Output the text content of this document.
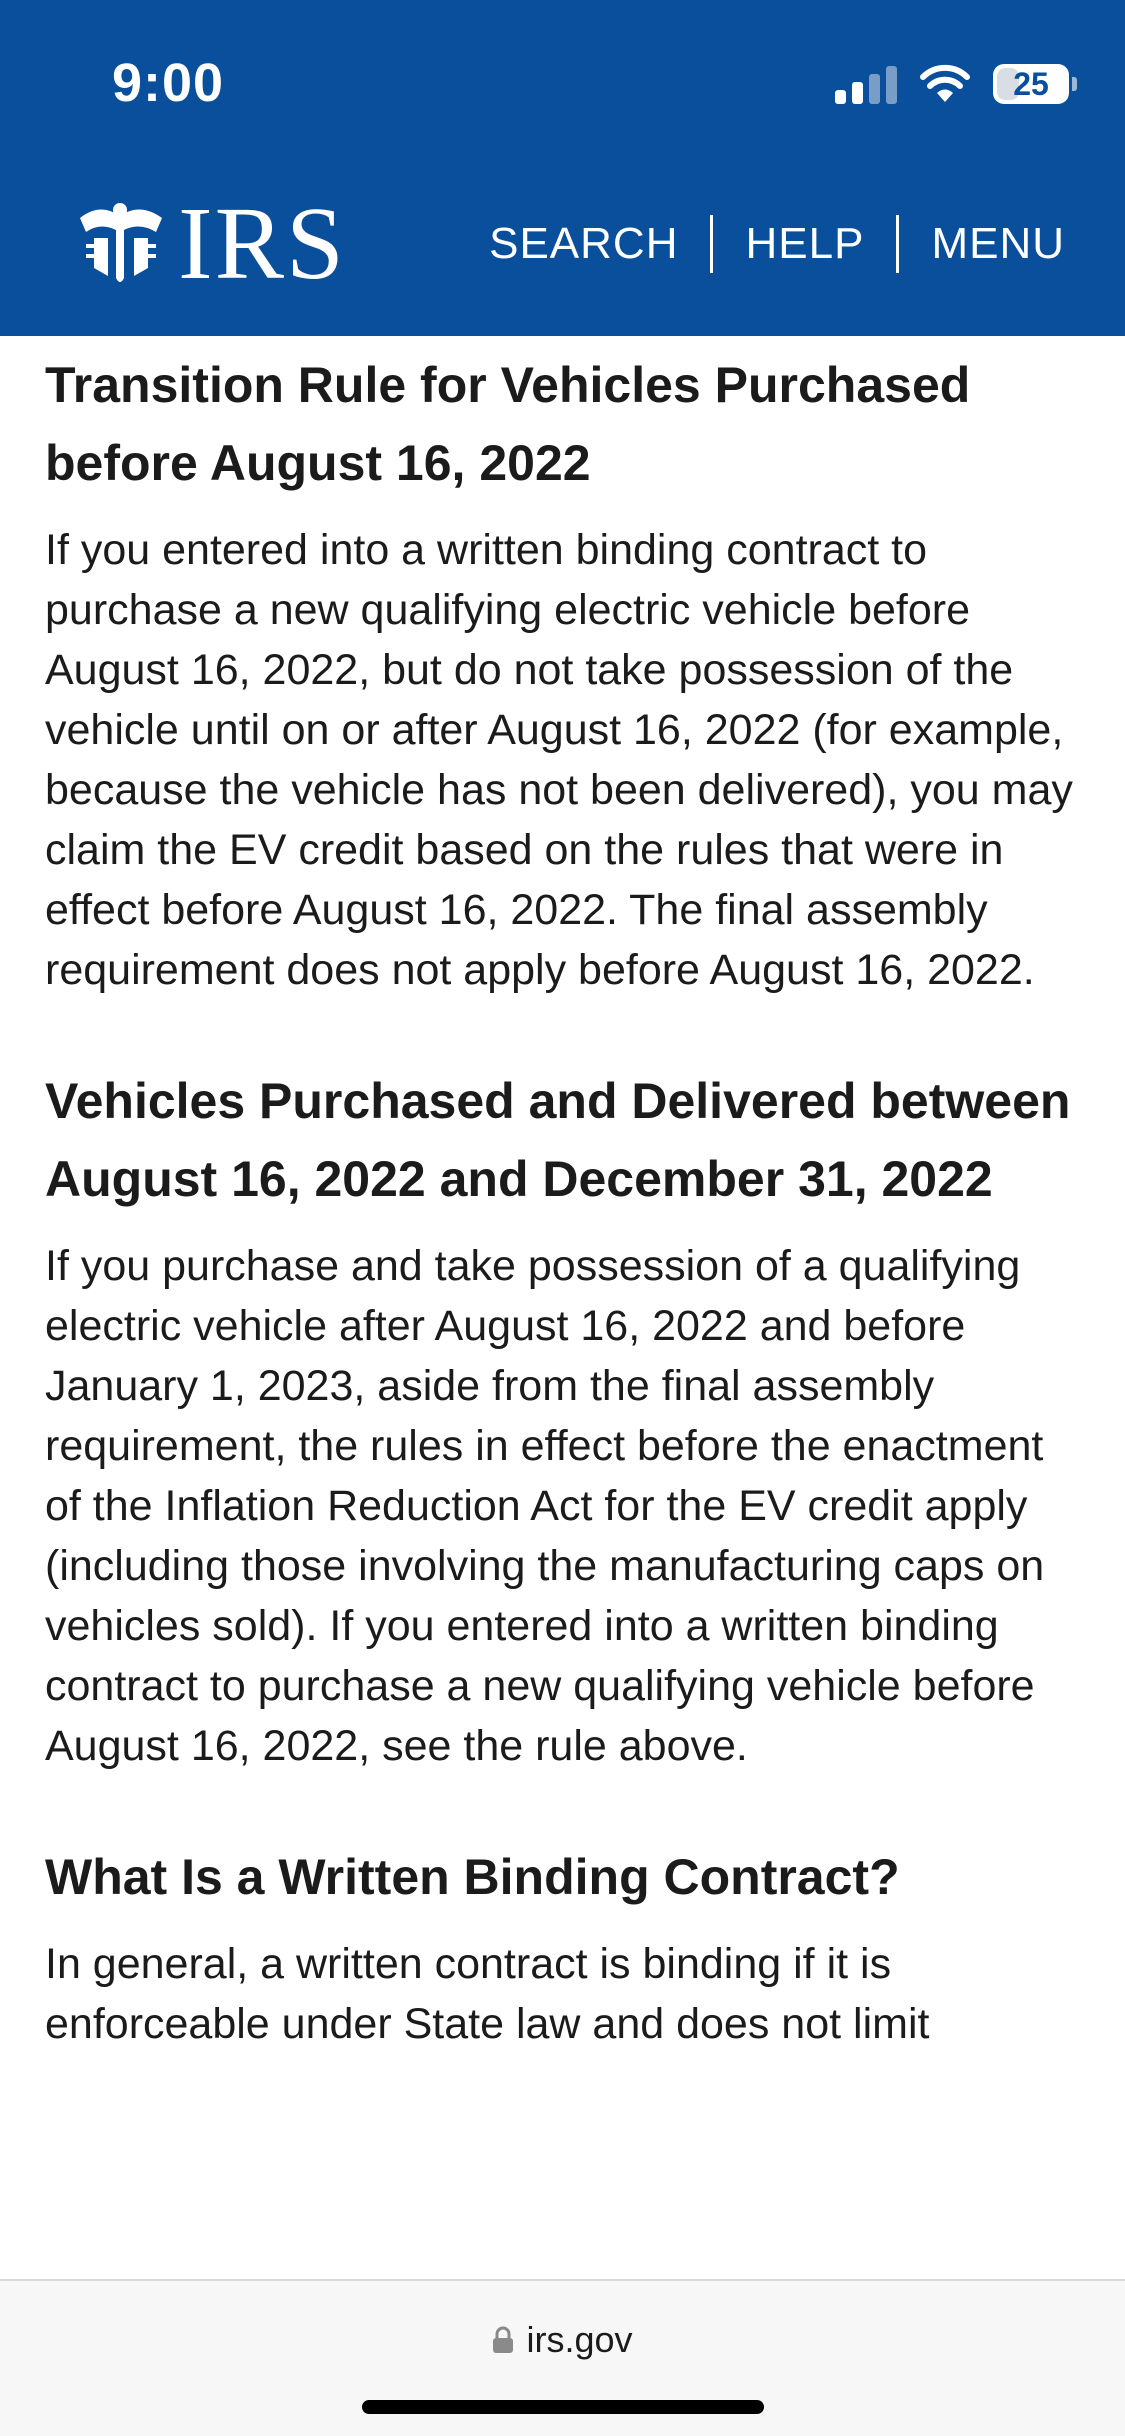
9:00	25
IRS	SEARCH	HELP	MENU
Transition Rule for Vehicles Purchased before August 16, 2022

If you entered into a written binding contract to purchase a new qualifying electric vehicle before August 16, 2022, but do not take possession of the vehicle until on or after August 16, 2022 (for example, because the vehicle has not been delivered), you may claim the EV credit based on the rules that were in effect before August 16, 2022. The final assembly requirement does not apply before August 16, 2022.

Vehicles Purchased and Delivered between August 16, 2022 and December 31, 2022

If you purchase and take possession of a qualifying electric vehicle after August 16, 2022 and before January 1, 2023, aside from the final assembly requirement, the rules in effect before the enactment of the Inflation Reduction Act for the EV credit apply (including those involving the manufacturing caps on vehicles sold). If you entered into a written binding contract to purchase a new qualifying vehicle before August 16, 2022, see the rule above.

What Is a Written Binding Contract?

In general, a written contract is binding if it is enforceable under State law and does not limit

irs.gov
